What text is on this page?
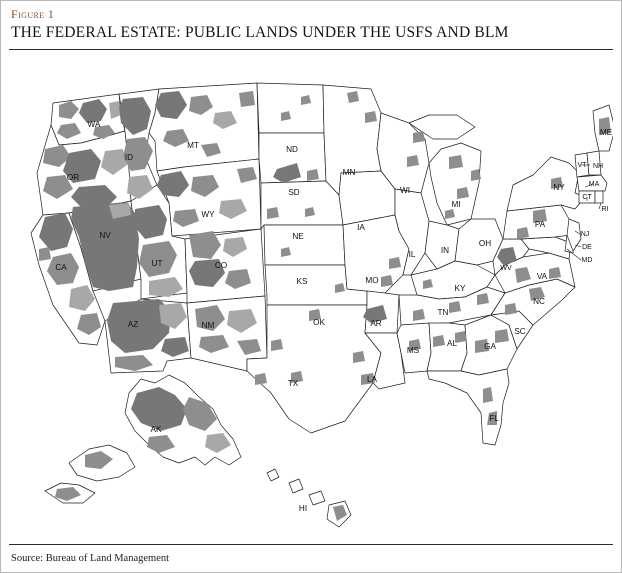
Figure 1
THE FEDERAL ESTATE: PUBLIC LANDS UNDER THE USFS AND BLM
WA
OR
ID
MT	ND
SD
MN
WI
MI
WY
NE
IA
IL	IN
OH
PA
NY
VT NH
ME
MA
CT
RI
NJ
DE
MD
WV
VA
KY
MO
KS
CO
UT
NV
CA
AZ	NM	OK	AR
TN
NC
SC
GA
AL
MS
LA
TX
FL
AK
HI
Source: Bureau of Land Management
